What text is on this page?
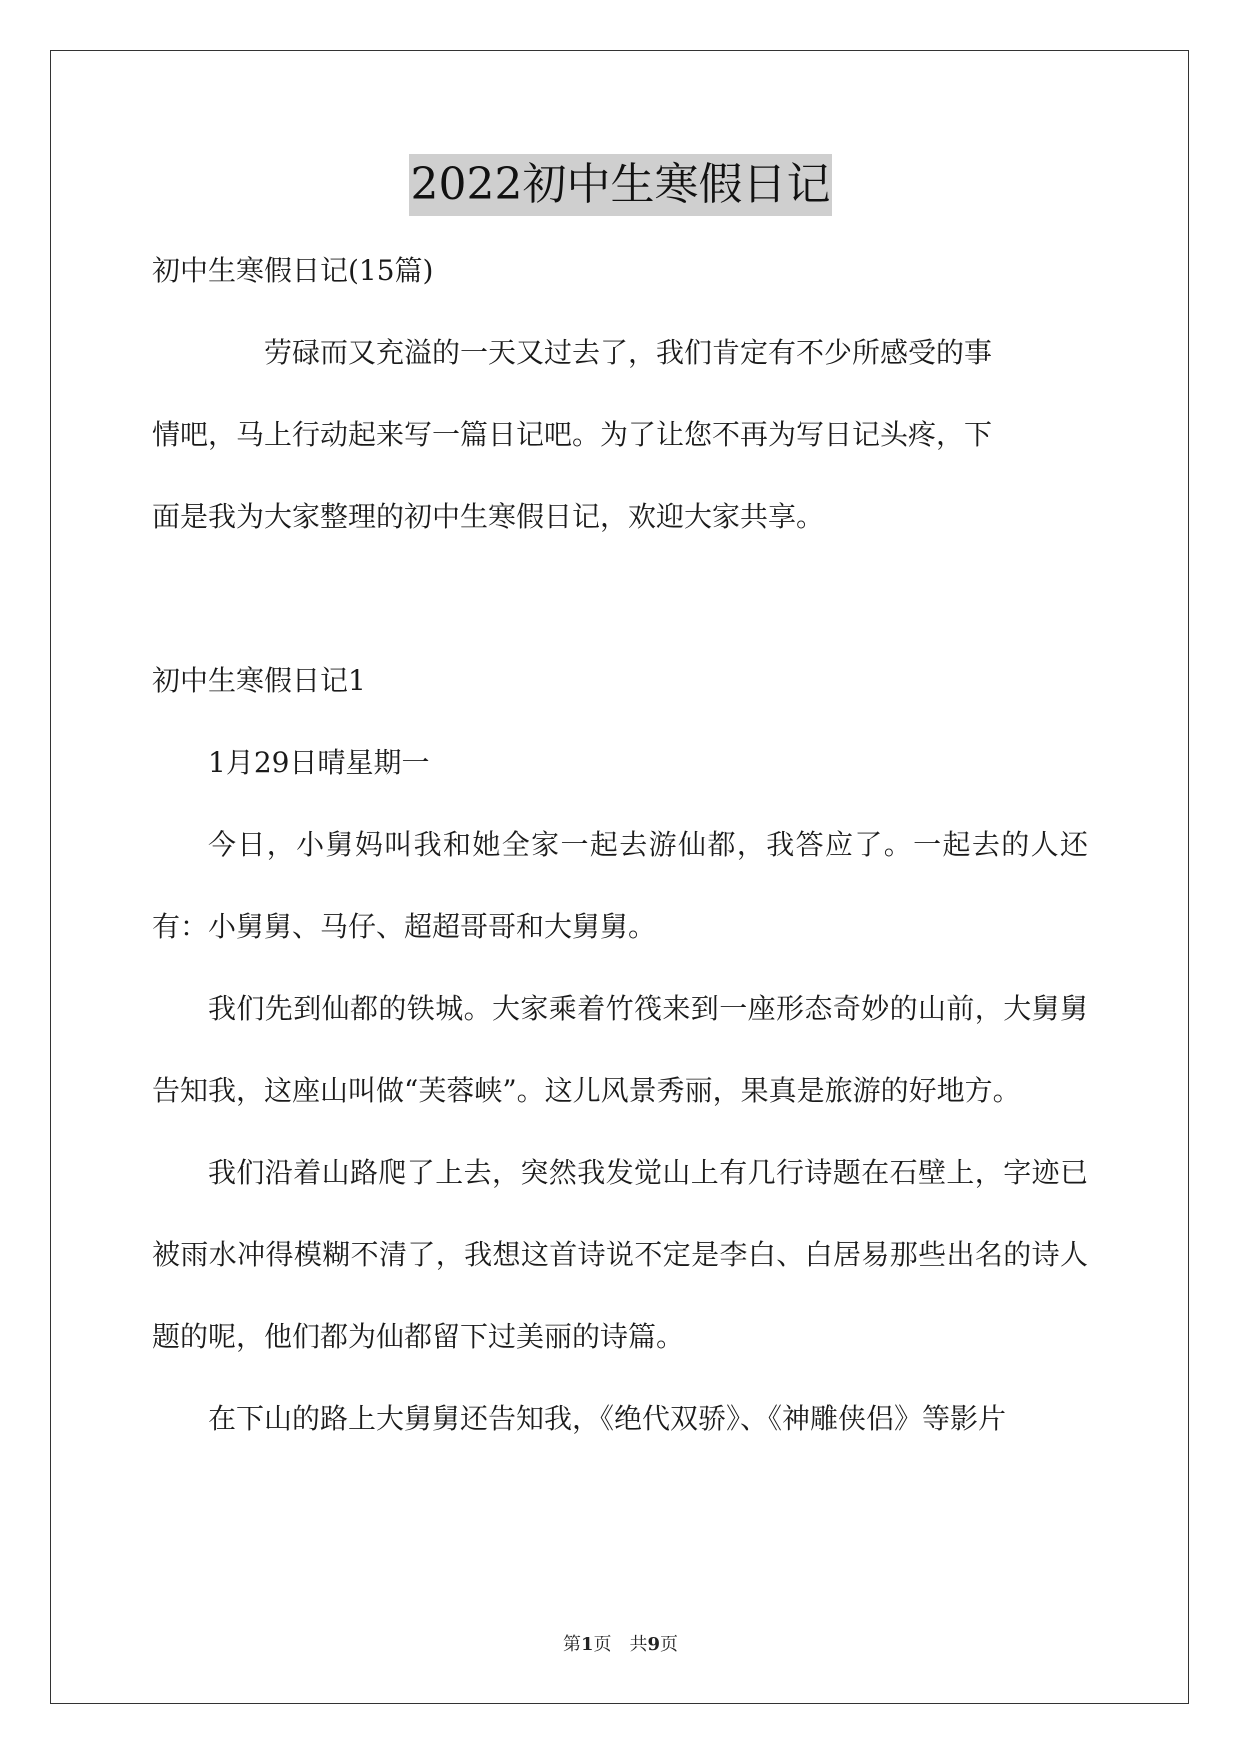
2022初中生寒假日记

初中生寒假日记(15篇)

劳碌而又充溢的一天又过去了，我们肯定有不少所感受的事

情吧，马上行动起来写一篇日记吧。为了让您不再为写日记头疼，下

面是我为大家整理的初中生寒假日记，欢迎大家共享。

初中生寒假日记1

1月29日晴星期一

今日，小舅妈叫我和她全家一起去游仙都，我答应了。一起去的人还有：小舅舅、马仔、超超哥哥和大舅舅。

我们先到仙都的铁城。大家乘着竹筏来到一座形态奇妙的山前，大舅舅告知我，这座山叫做“芙蓉峡”。这儿风景秀丽，果真是旅游的好地方。

我们沿着山路爬了上去，突然我发觉山上有几行诗题在石壁上，字迹已被雨水冲得模糊不清了，我想这首诗说不定是李白、白居易那些出名的诗人题的呢，他们都为仙都留下过美丽的诗篇。

在下山的路上大舅舅还告知我，《绝代双骄》、《神雕侠侣》等影片

第1页 共9页
